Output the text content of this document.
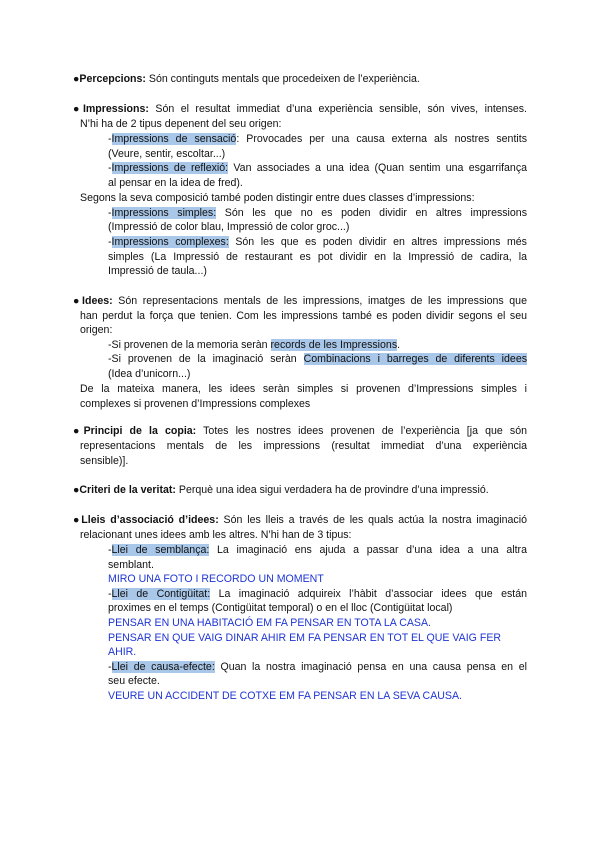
●Percepcions: Són continguts mentals que procedeixen de l’experiència.
●Impressions: Són el resultat immediat d’una experiència sensible, són vives, intenses.
N’hi ha de 2 tipus depenent del seu origen:
-Impressions de sensació: Provocades per una causa externa als nostres sentits
(Veure, sentir, escoltar...)
-Impressions de reflexió: Van associades a una idea (Quan sentim una esgarrifança
al pensar en la idea de fred).
Segons la seva composició també poden distingir entre dues classes d’impressions:
-Impressions simples: Són les que no es poden dividir en altres impressions
(Impressió de color blau, Impressió de color groc...)
-Impressions complexes: Són les que es poden dividir en altres impressions més
simples (La Impressió de restaurant es pot dividir en la Impressió de cadira, la
Impressió de taula...)
●Idees: Són representacions mentals de les impressions, imatges de les impressions que
han perdut la força que tenien. Com les impressions també es poden dividir segons el seu
origen:
-Si provenen de la memoria seràn records de les Impressions.
-Si provenen de la imaginació seràn Combinacions i barreges de diferents idees
(Idea d’unicorn...)
De la mateixa manera, les idees seràn simples si provenen d’Impressions simples i
complexes si provenen d’Impressions complexes
●Principi de la copia: Totes les nostres idees provenen de l’experiència [ja que són
representacions mentals de les impressions (resultat immediat d’una experiència
sensible)].
●Criteri de la veritat: Perquè una idea sigui verdadera ha de provindre d’una impressió.
●Lleis d’associació d’idees: Són les lleis a través de les quals actúa la nostra imaginació
relacionant unes idees amb les altres. N’hi han de 3 tipus:
-Llei de semblança: La imaginació ens ajuda a passar d’una idea a una altra
semblant.
MIRO UNA FOTO I RECORDO UN MOMENT
-Llei de Contigüitat: La imaginació adquireix l’hàbit d’associar idees que están
proximes en el temps (Contigüitat temporal) o en el lloc (Contigüitat local)
PENSAR EN UNA HABITACIÓ EM FA PENSAR EN TOTA LA CASA.
PENSAR EN QUE VAIG DINAR AHIR EM FA PENSAR EN TOT EL QUE VAIG FER
AHIR.
-Llei de causa-efecte: Quan la nostra imaginació pensa en una causa pensa en el
seu efecte.
VEURE UN ACCIDENT DE COTXE EM FA PENSAR EN LA SEVA CAUSA.
